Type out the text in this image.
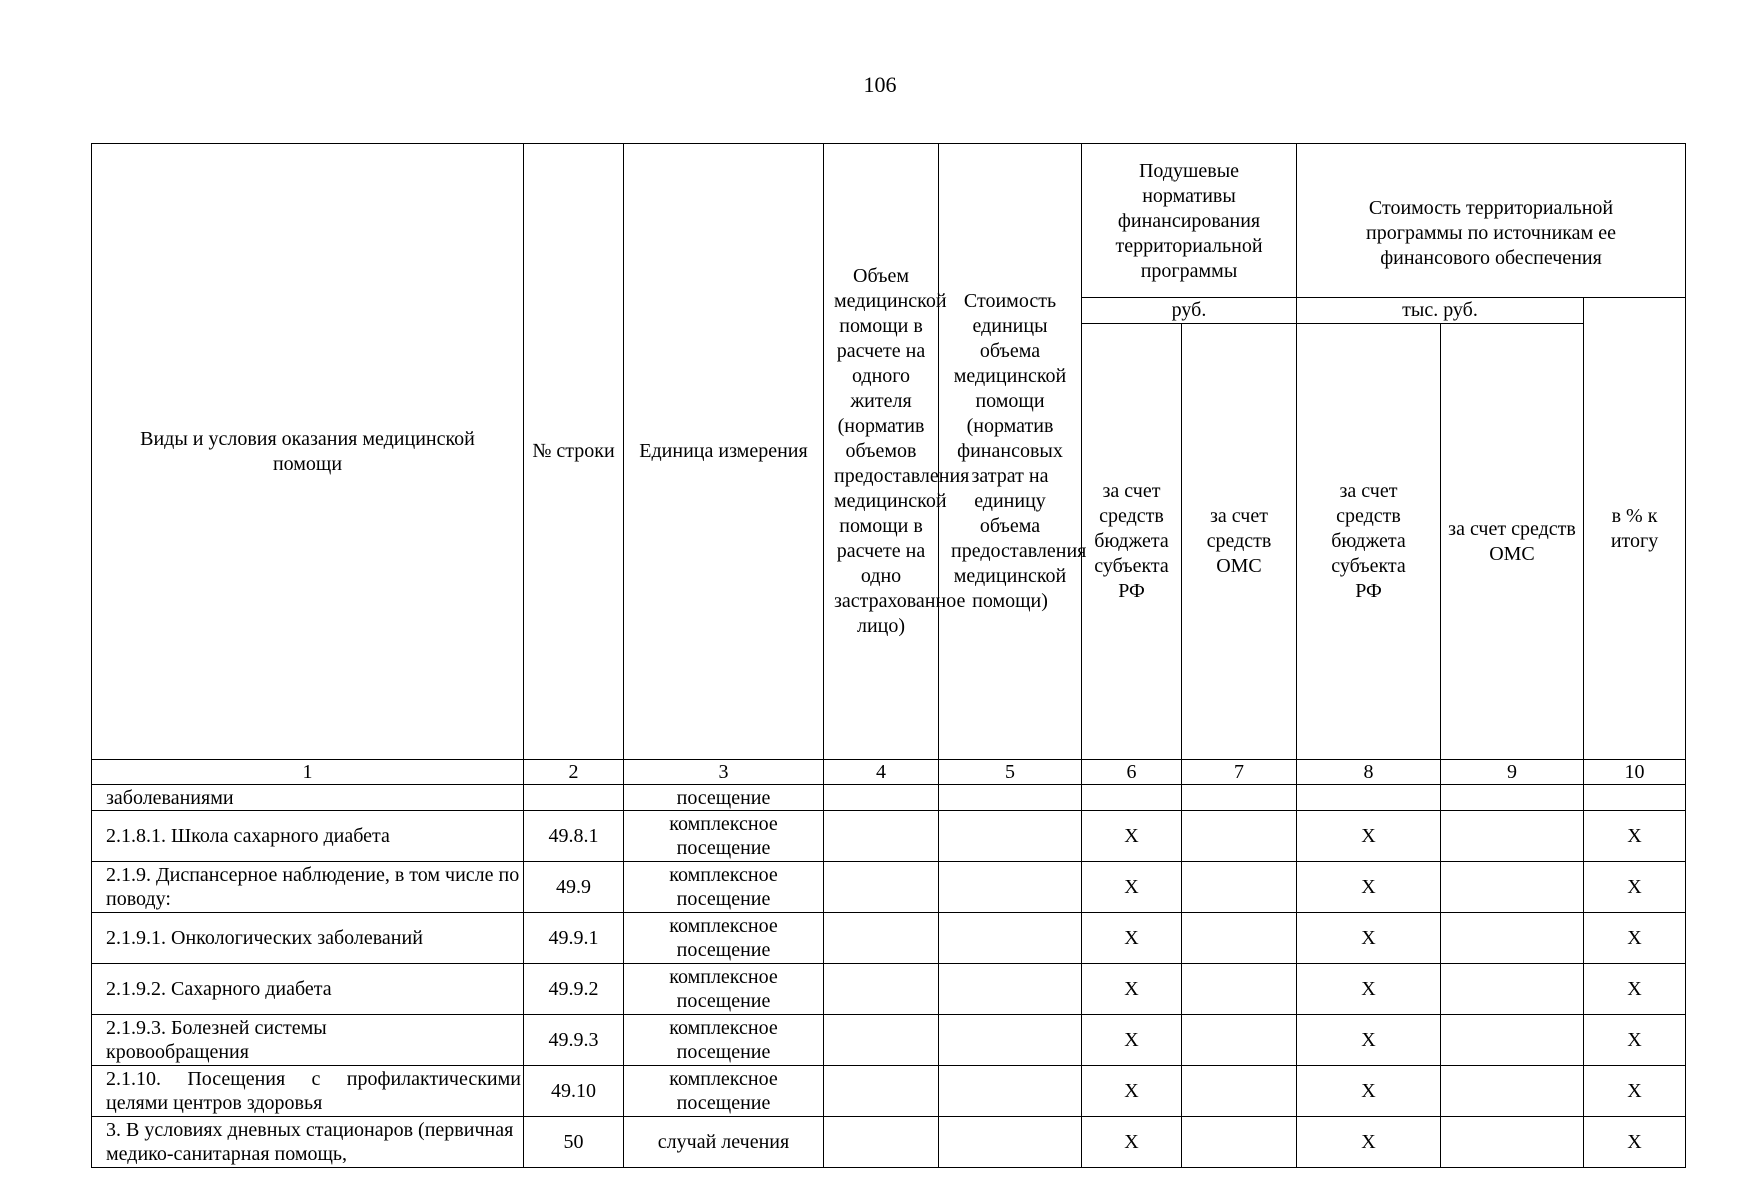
106
Виды и условия оказания медицинской помощи	№ строки	Единица измерения	Объем медицинской помощи в расчете на одного жителя (норматив объемов предоставления медицинской помощи в расчете на одно застрахованное лицо)	Стоимость единицы объема медицинской помощи (норматив финансовых затрат на единицу объема предоставления медицинской помощи)	Подушевые нормативы финансирования территориальной программы		Стоимость территориальной программы по источникам ее финансового обеспечения		
					руб.		тыс. руб.		в % к итогу
					за счет средств бюджета субъекта РФ	за счет средств ОМС	за счет средств бюджета субъекта РФ	за счет средств ОМС	
1	2	3	4	5	6	7	8	9	10
заболеваниями		посещение							
2.1.8.1. Школа сахарного диабета	49.8.1	комплексное посещение			Х		Х		Х
2.1.9. Диспансерное наблюдение, в том числе по поводу:	49.9	комплексное посещение			Х		Х		Х
2.1.9.1. Онкологических заболеваний	49.9.1	комплексное посещение			Х		Х		Х
2.1.9.2. Сахарного диабета	49.9.2	комплексное посещение			Х		Х		Х
2.1.9.3. Болезней системы кровообращения	49.9.3	комплексное посещение			Х		Х		Х
2.1.10. Посещения с профилактическими целями центров здоровья	49.10	комплексное посещение			Х		Х		Х
3. В условиях дневных стационаров (первичная медико-санитарная помощь,	50	случай лечения			Х		Х		Х
